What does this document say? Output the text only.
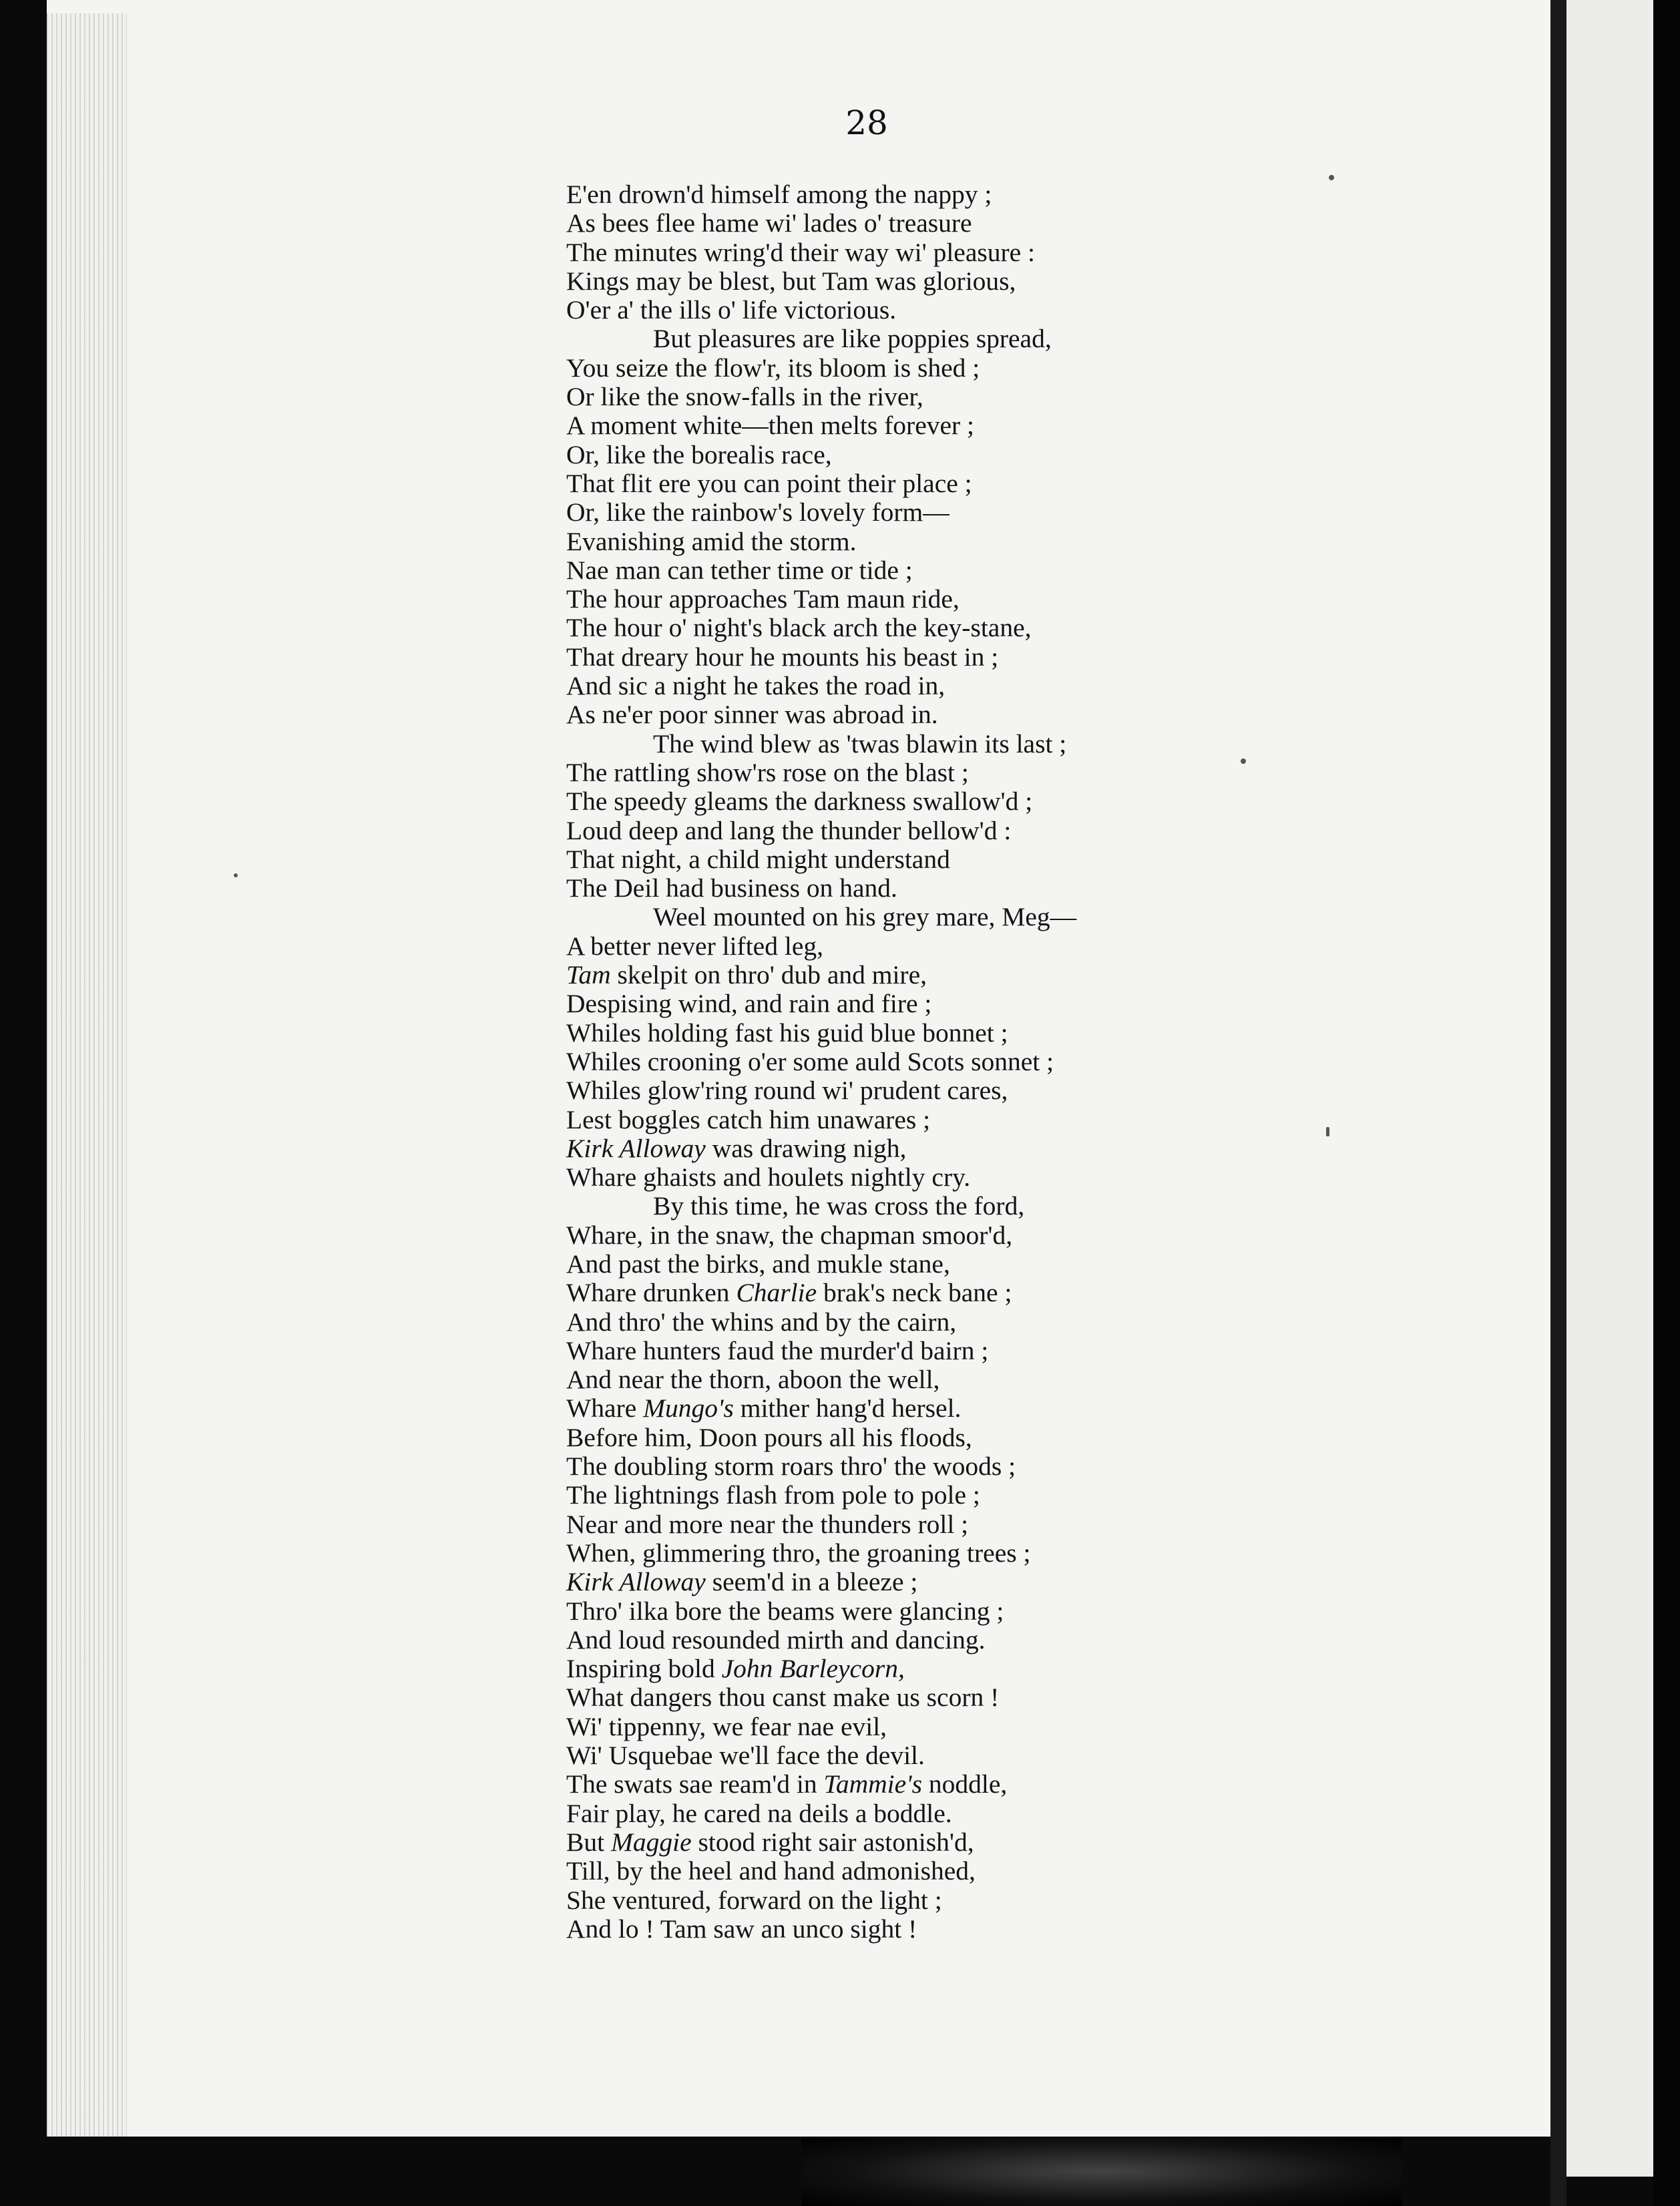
28
E'en drown'd himself among the nappy ;
As bees flee hame wi' lades o' treasure
The minutes wring'd their way wi' pleasure :
Kings may be blest, but Tam was glorious,
O'er a' the ills o' life victorious.
But pleasures are like poppies spread,
You seize the flow'r, its bloom is shed ;
Or like the snow-falls in the river,
A moment white—then melts forever ;
Or, like the borealis race,
That flit ere you can point their place ;
Or, like the rainbow's lovely form—
Evanishing amid the storm.
Nae man can tether time or tide ;
The hour approaches Tam maun ride,
The hour o' night's black arch the key-stane,
That dreary hour he mounts his beast in ;
And sic a night he takes the road in,
As ne'er poor sinner was abroad in.
The wind blew as 'twas blawin its last ;
The rattling show'rs rose on the blast ;
The speedy gleams the darkness swallow'd ;
Loud deep and lang the thunder bellow'd :
That night, a child might understand
The Deil had business on hand.
Weel mounted on his grey mare, Meg—
A better never lifted leg,
Tam skelpit on thro' dub and mire,
Despising wind, and rain and fire ;
Whiles holding fast his guid blue bonnet ;
Whiles crooning o'er some auld Scots sonnet ;
Whiles glow'ring round wi' prudent cares,
Lest boggles catch him unawares ;
Kirk Alloway was drawing nigh,
Whare ghaists and houlets nightly cry.
By this time, he was cross the ford,
Whare, in the snaw, the chapman smoor'd,
And past the birks, and mukle stane,
Whare drunken Charlie brak's neck bane ;
And thro' the whins and by the cairn,
Whare hunters faud the murder'd bairn ;
And near the thorn, aboon the well,
Whare Mungo's mither hang'd hersel.
Before him, Doon pours all his floods,
The doubling storm roars thro' the woods ;
The lightnings flash from pole to pole ;
Near and more near the thunders roll ;
When, glimmering thro, the groaning trees ;
Kirk Alloway seem'd in a bleeze ;
Thro' ilka bore the beams were glancing ;
And loud resounded mirth and dancing.
Inspiring bold John Barleycorn,
What dangers thou canst make us scorn !
Wi' tippenny, we fear nae evil,
Wi' Usquebae we'll face the devil.
The swats sae ream'd in Tammie's noddle,
Fair play, he cared na deils a boddle.
But Maggie stood right sair astonish'd,
Till, by the heel and hand admonished,
She ventured, forward on the light ;
And lo ! Tam saw an unco sight !
